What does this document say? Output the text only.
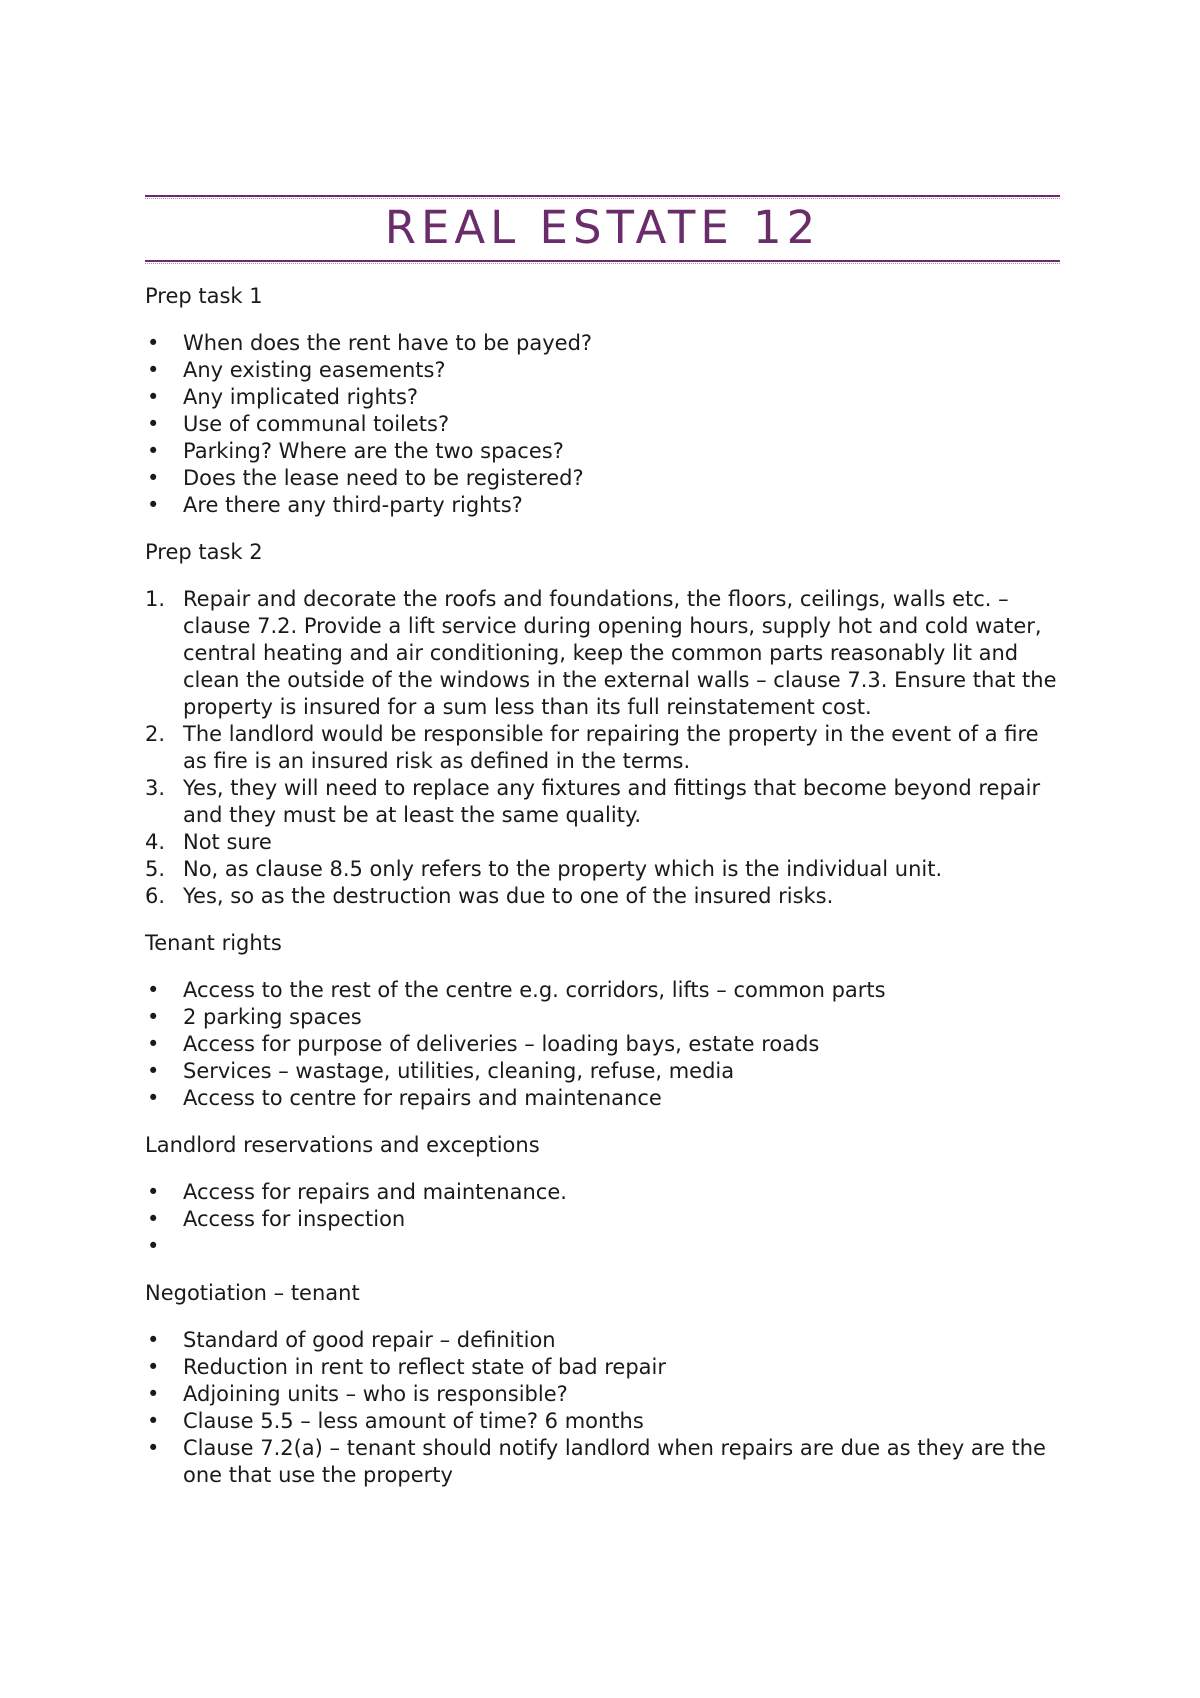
REAL ESTATE 12

Prep task 1

• When does the rent have to be payed?
• Any existing easements?
• Any implicated rights?
• Use of communal toilets?
• Parking? Where are the two spaces?
• Does the lease need to be registered?
• Are there any third-party rights?

Prep task 2

1. Repair and decorate the roofs and foundations, the floors, ceilings, walls etc. – clause 7.2. Provide a lift service during opening hours, supply hot and cold water, central heating and air conditioning, keep the common parts reasonably lit and clean the outside of the windows in the external walls – clause 7.3. Ensure that the property is insured for a sum less than its full reinstatement cost.
2. The landlord would be responsible for repairing the property in the event of a fire as fire is an insured risk as defined in the terms.
3. Yes, they will need to replace any fixtures and fittings that become beyond repair and they must be at least the same quality.
4. Not sure
5. No, as clause 8.5 only refers to the property which is the individual unit.
6. Yes, so as the destruction was due to one of the insured risks.

Tenant rights

• Access to the rest of the centre e.g. corridors, lifts – common parts
• 2 parking spaces
• Access for purpose of deliveries – loading bays, estate roads
• Services – wastage, utilities, cleaning, refuse, media
• Access to centre for repairs and maintenance

Landlord reservations and exceptions

• Access for repairs and maintenance.
• Access for inspection
•

Negotiation – tenant

• Standard of good repair – definition
• Reduction in rent to reflect state of bad repair
• Adjoining units – who is responsible?
• Clause 5.5 – less amount of time? 6 months
• Clause 7.2(a) – tenant should notify landlord when repairs are due as they are the one that use the property
